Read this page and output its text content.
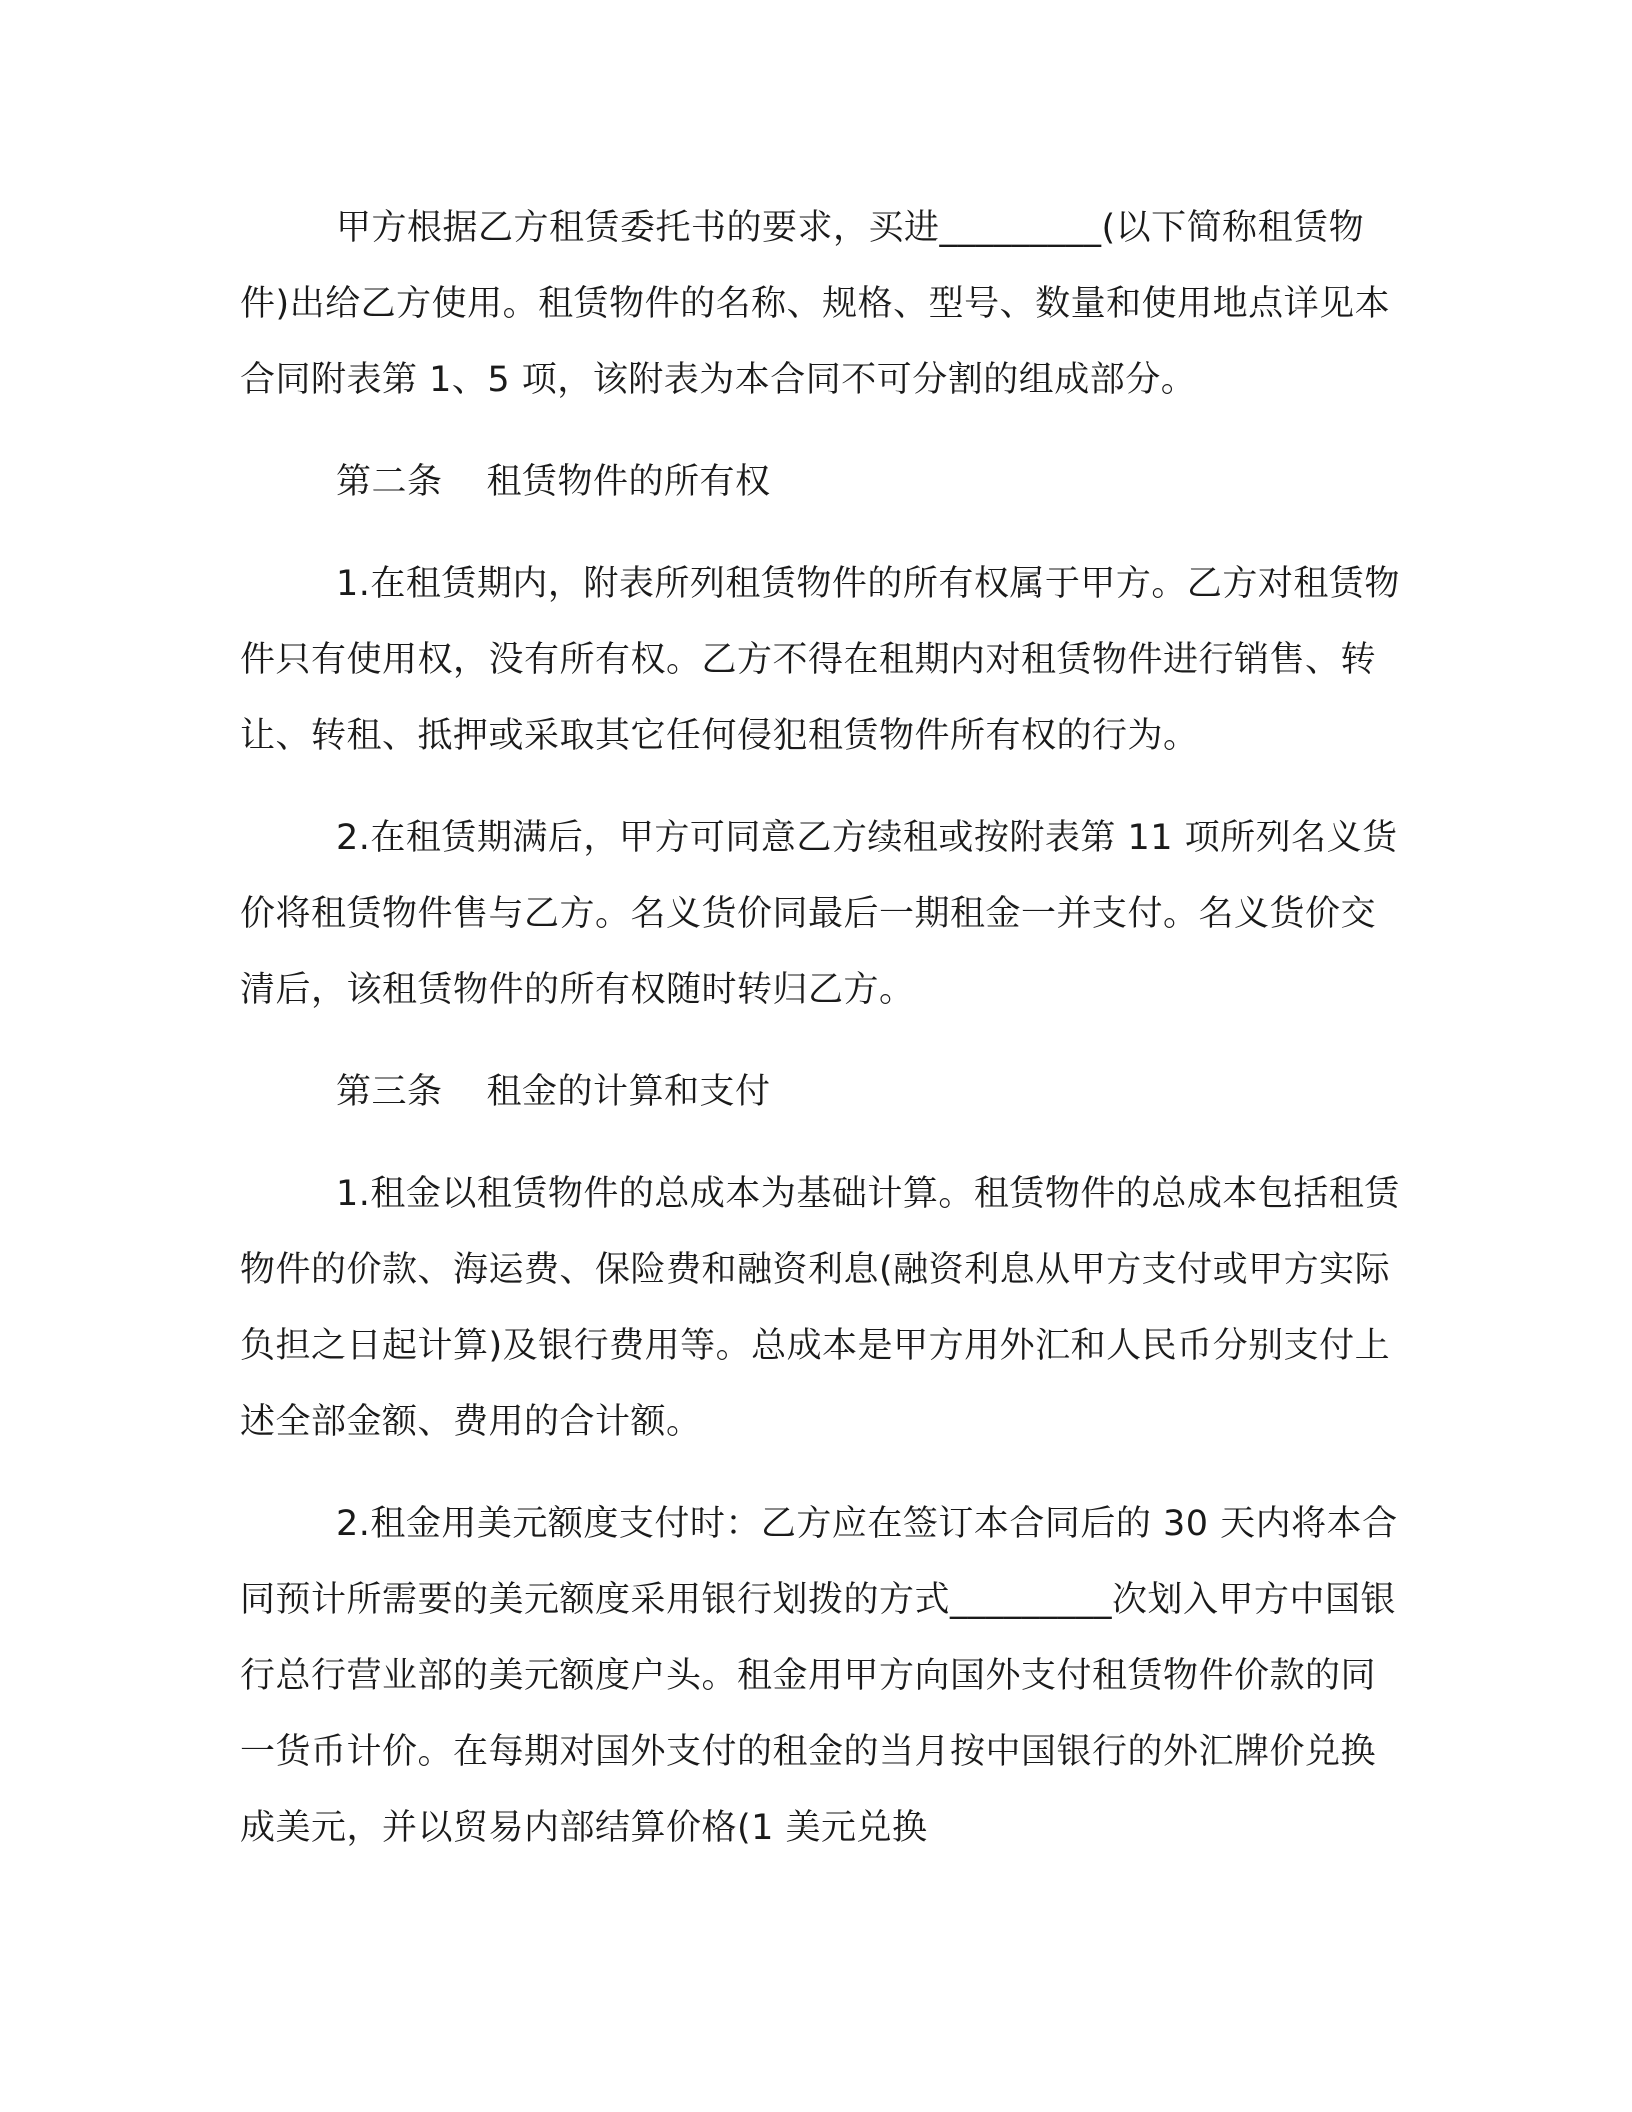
甲方根据乙方租赁委托书的要求，买进_________(以下简称租赁物件)出给乙方使用。租赁物件的名称、规格、型号、数量和使用地点详见本合同附表第 1、5 项，该附表为本合同不可分割的组成部分。

第二条 租赁物件的所有权

1.在租赁期内，附表所列租赁物件的所有权属于甲方。乙方对租赁物件只有使用权，没有所有权。乙方不得在租期内对租赁物件进行销售、转让、转租、抵押或采取其它任何侵犯租赁物件所有权的行为。

2.在租赁期满后，甲方可同意乙方续租或按附表第 11 项所列名义货价将租赁物件售与乙方。名义货价同最后一期租金一并支付。名义货价交清后，该租赁物件的所有权随时转归乙方。

第三条 租金的计算和支付

1.租金以租赁物件的总成本为基础计算。租赁物件的总成本包括租赁物件的价款、海运费、保险费和融资利息(融资利息从甲方支付或甲方实际负担之日起计算)及银行费用等。总成本是甲方用外汇和人民币分别支付上述全部金额、费用的合计额。

2.租金用美元额度支付时：乙方应在签订本合同后的 30 天内将本合同预计所需要的美元额度采用银行划拨的方式_________次划入甲方中国银行总行营业部的美元额度户头。租金用甲方向国外支付租赁物件价款的同一货币计价。在每期对国外支付的租金的当月按中国银行的外汇牌价兑换成美元，并以贸易内部结算价格(1 美元兑换
